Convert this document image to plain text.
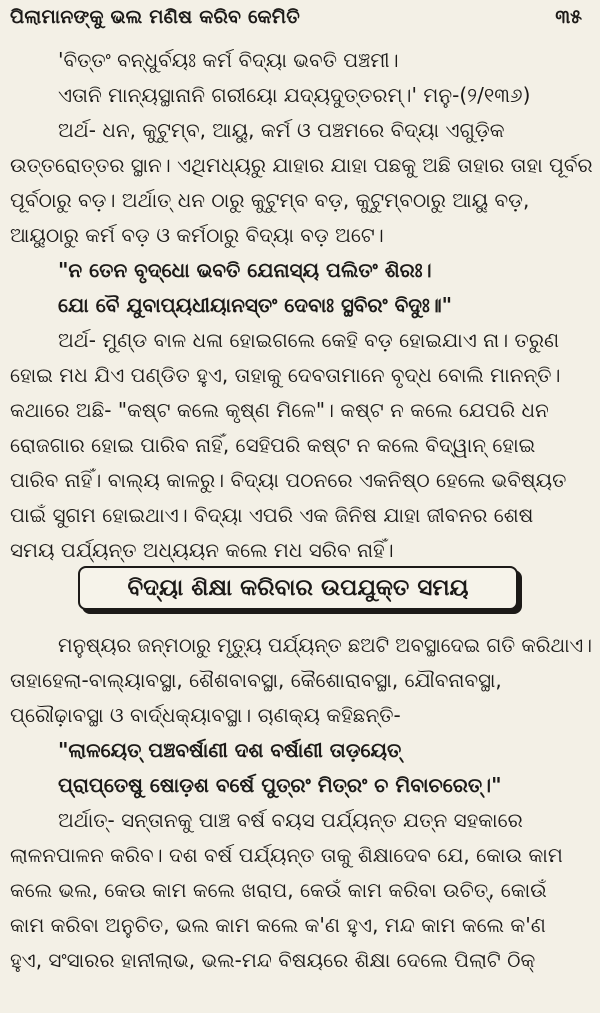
ପିଲାମାନଙ୍କୁ ଭଲ ମଣିଷ କରିବ କେମିତି	୩୫
'ବିତ୍ତଂ ବନ୍ଧୁର୍ବୟଃ କର୍ମ ବିଦ୍ୟା ଭବତି ପଞ୍ଚମୀ।
ଏତାନି ମାନ୍ୟସ୍ଥାନାନି ଗରୀୟୋ ଯଦ୍ୟଦୁତ୍ତରମ୍।' ମନୁ-(୨/୧୩୬)
ଅର୍ଥ- ଧନ, କୁଟୁମ୍ବ, ଆୟୁ, କର୍ମ ଓ ପଞ୍ଚମରେ ବିଦ୍ୟା ଏଗୁଡ଼ିକ
ଉତ୍ତରୋତ୍ତର ସ୍ଥାନ। ଏଥିମଧ୍ୟରୁ ଯାହାର ଯାହା ପଛକୁ ଅଛି ତାହାର ତାହା ପୂର୍ବର
ପୂର୍ବଠାରୁ ବଡ଼। ଅର୍ଥାତ୍ ଧନ ଠାରୁ କୁଟୁମ୍ବ ବଡ଼, କୁଟୁମ୍ବଠାରୁ ଆୟୁ ବଡ଼,
ଆୟୁଠାରୁ କର୍ମ ବଡ଼ ଓ କର୍ମଠାରୁ ବିଦ୍ୟା ବଡ଼ ଅଟେ।
"ନ ତେନ ବୃଦ୍ଧୋ ଭବତି ଯେନାସ୍ୟ ପଲିତଂ ଶିରଃ।
ଯୋ ବୈ ଯୁବାପ୍ୟଧୀୟାନସ୍ତଂ ଦେବାଃ ସ୍ଥବିରଂ ବିଦୁଃ॥"
ଅର୍ଥ- ମୁଣ୍ଡ ବାଳ ଧଳା ହୋଇଗଲେ କେହି ବଡ଼ ହୋଇଯାଏ ନା। ତରୁଣ
ହୋଇ ମଧ ଯିଏ ପଣ୍ଡିତ ହୁଏ, ତାହାକୁ ଦେବତାମାନେ ବୃଦ୍ଧ ବୋଲି ମାନନ୍ତି।
କଥାରେ ଅଛି- "କଷ୍ଟ କଲେ କୃଷ୍ଣ ମିଳେ"। କଷ୍ଟ ନ କଲେ ଯେପରି ଧନ
ରୋଜଗାର ହୋଇ ପାରିବ ନାହିଁ, ସେହିପରି କଷ୍ଟ ନ କଲେ ବିଦ୍ୱାନ୍ ହୋଇ
ପାରିବ ନାହିଁ। ବାଲ୍ୟ କାଳରୁ। ବିଦ୍ୟା ପଠନରେ ଏକନିଷ୍ଠ ହେଲେ ଭବିଷ୍ୟତ
ପାଇଁ ସୁଗମ ହୋଇଥାଏ। ବିଦ୍ୟା ଏପରି ଏକ ଜିନିଷ ଯାହା ଜୀବନର ଶେଷ
ସମୟ ପର୍ଯ୍ୟନ୍ତ ଅଧ୍ୟୟନ କଲେ ମଧ ସରିବ ନାହିଁ।
ବିଦ୍ୟା ଶିକ୍ଷା କରିବାର ଉପଯୁକ୍ତ ସମୟ
ମନୁଷ୍ୟର ଜନ୍ମଠାରୁ ମୃତ୍ୟୁ ପର୍ଯ୍ୟନ୍ତ ଛଅଟି ଅବସ୍ଥାଦେଇ ଗତି କରିଥାଏ।
ତାହାହେଲା-ବାଲ୍ୟାବସ୍ଥା, ଶୈଶବାବସ୍ଥା, କୈଶୋରାବସ୍ଥା, ଯୌବନାବସ୍ଥା,
ପ୍ରୌଢ଼ାବସ୍ଥା ଓ ବାର୍ଦ୍ଧକ୍ୟାବସ୍ଥା। ଚାଣକ୍ୟ କହିଛନ୍ତି-
"ଲାଳୟେତ୍ ପଞ୍ଚବର୍ଷାଣୀ ଦଶ ବର୍ଷାଣୀ ତାଡ଼ୟେତ୍
ପ୍ରାପ୍ତେଷୁ ଷୋଡ଼ଶ ବର୍ଷେ ପୁତ୍ରଂ ମିତ୍ରଂ ଚ ମିବାଚରେତ୍।"
ଅର୍ଥାତ୍- ସନ୍ତାନକୁ ପାଞ୍ଚ ବର୍ଷ ବୟସ ପର୍ଯ୍ୟନ୍ତ ଯତ୍ନ ସହକାରେ
ଲାଳନପାଳନ କରିବ। ଦଶ ବର୍ଷ ପର୍ଯ୍ୟନ୍ତ ତାକୁ ଶିକ୍ଷାଦେବ ଯେ, କୋଉ କାମ
କଲେ ଭଲ, କେଉ କାମ କଲେ ଖରାପ, କେଉଁ କାମ କରିବା ଉଚିତ୍, କୋଉଁ
କାମ କରିବା ଅନୁଚିତ, ଭଲ କାମ କଲେ କ'ଣ ହୁଏ, ମନ୍ଦ କାମ କଲେ କ'ଣ
ହୁଏ, ସଂସାରର ହାନୀଲାଭ, ଭଲ-ମନ୍ଦ ବିଷୟରେ ଶିକ୍ଷା ଦେଲେ ପିଲାଟି ଠିକ୍
